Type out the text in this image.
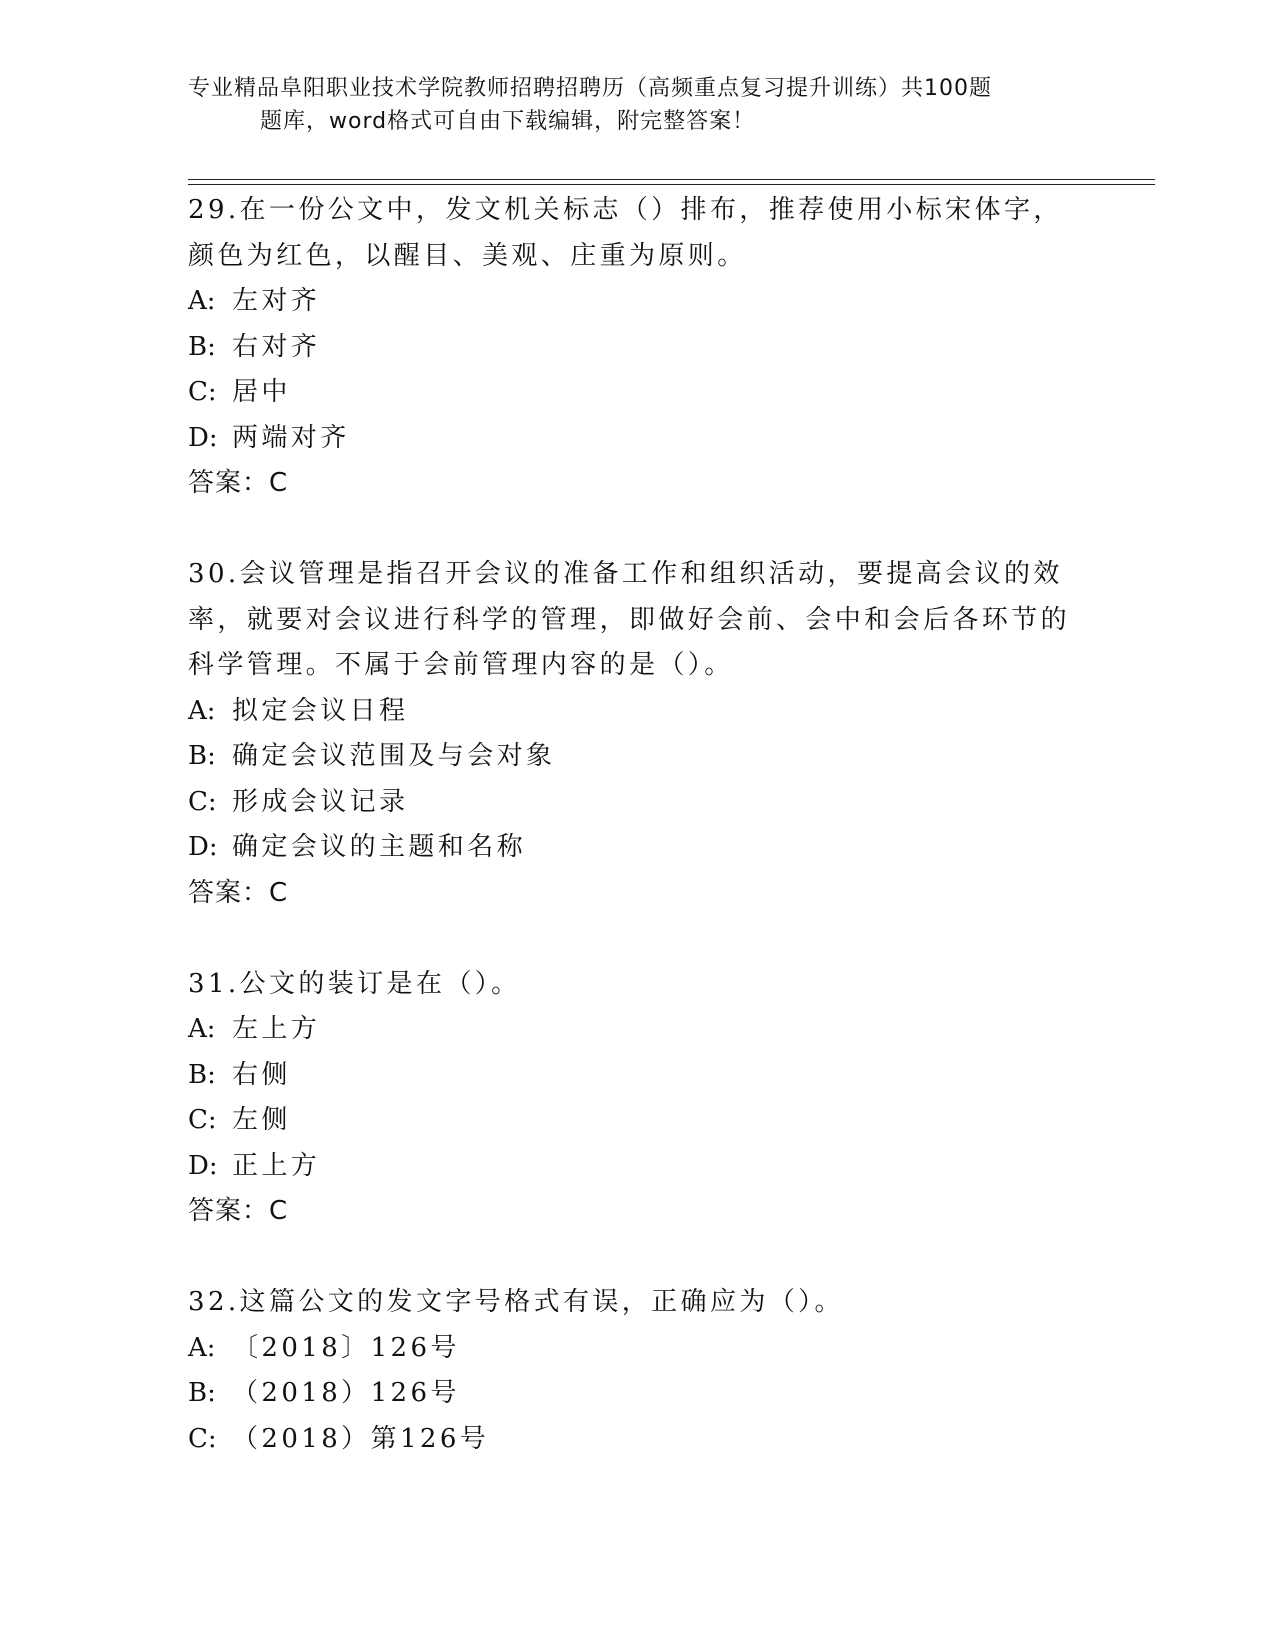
专业精品阜阳职业技术学院教师招聘招聘历（高频重点复习提升训练）共100题
题库，word格式可自由下载编辑，附完整答案！
29.在一份公文中，发文机关标志（）排布，推荐使用小标宋体字，颜色为红色，以醒目、美观、庄重为原则。
A: 左对齐
B: 右对齐
C: 居中
D: 两端对齐
答案：C
30.会议管理是指召开会议的准备工作和组织活动，要提高会议的效率，就要对会议进行科学的管理，即做好会前、会中和会后各环节的科学管理。不属于会前管理内容的是（）。
A: 拟定会议日程
B: 确定会议范围及与会对象
C: 形成会议记录
D: 确定会议的主题和名称
答案：C
31.公文的装订是在（）。
A: 左上方
B: 右侧
C: 左侧
D: 正上方
答案：C
32.这篇公文的发文字号格式有误，正确应为（）。
A: 〔2018〕126号
B: （2018）126号
C: （2018）第126号
